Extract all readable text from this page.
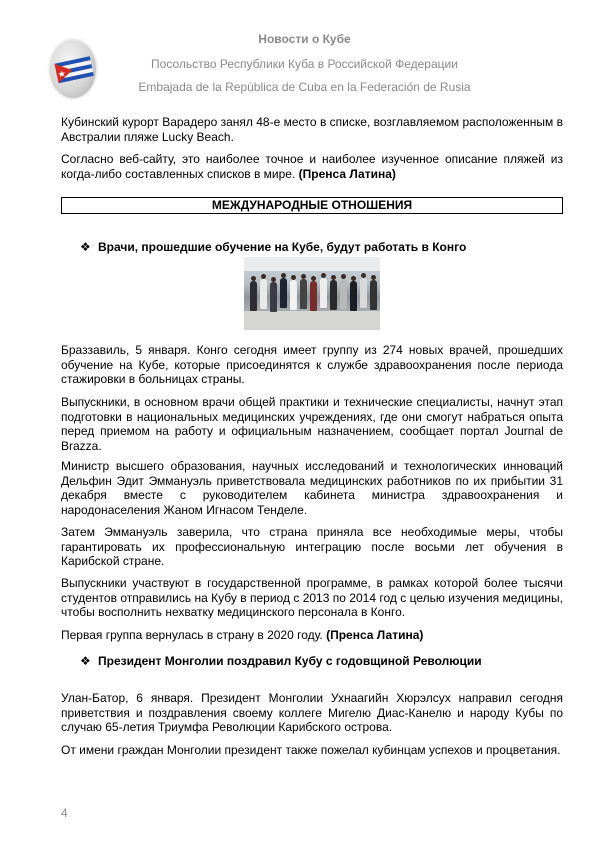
Новости о Кубе
Посольство Республики Куба в Российской Федерации
Embajada de la República de Cuba en la Federación de Rusia

Кубинский курорт Варадеро занял 48-е место в списке, возглавляемом расположенным в Австралии пляже Lucky Beach.

Согласно веб-сайту, это наиболее точное и наиболее изученное описание пляжей из когда-либо составленных списков в мире. (Пренса Латина)

МЕЖДУНАРОДНЫЕ ОТНОШЕНИЯ
❖ Врачи, прошедшие обучение на Кубе, будут работать в Конго

Браззавиль, 5 января. Конго сегодня имеет группу из 274 новых врачей, прошедших обучение на Кубе, которые присоединятся к службе здравоохранения после периода стажировки в больницах страны.

Выпускники, в основном врачи общей практики и технические специалисты, начнут этап подготовки в национальных медицинских учреждениях, где они смогут набраться опыта перед приемом на работу и официальным назначением, сообщает портал Journal de Brazza.

Министр высшего образования, научных исследований и технологических инноваций Дельфин Эдит Эммануэль приветствовала медицинских работников по их прибытии 31 декабря вместе с руководителем кабинета министра здравоохранения и народонаселения Жаном Игнасом Тенделе.

Затем Эммануэль заверила, что страна приняла все необходимые меры, чтобы гарантировать их профессиональную интеграцию после восьми лет обучения в Карибской стране.

Выпускники участвуют в государственной программе, в рамках которой более тысячи студентов отправились на Кубу в период с 2013 по 2014 год с целью изучения медицины, чтобы восполнить нехватку медицинского персонала в Конго.

Первая группа вернулась в страну в 2020 году. (Пренса Латина)

❖ Президент Монголии поздравил Кубу с годовщиной Революции

Улан-Батор, 6 января. Президент Монголии Ухнаагийн Хюрэлсух направил сегодня приветствия и поздравления своему коллеге Мигелю Диас-Канелю и народу Кубы по случаю 65-летия Триумфа Революции Карибского острова.

От имени граждан Монголии президент также пожелал кубинцам успехов и процветания.

4
